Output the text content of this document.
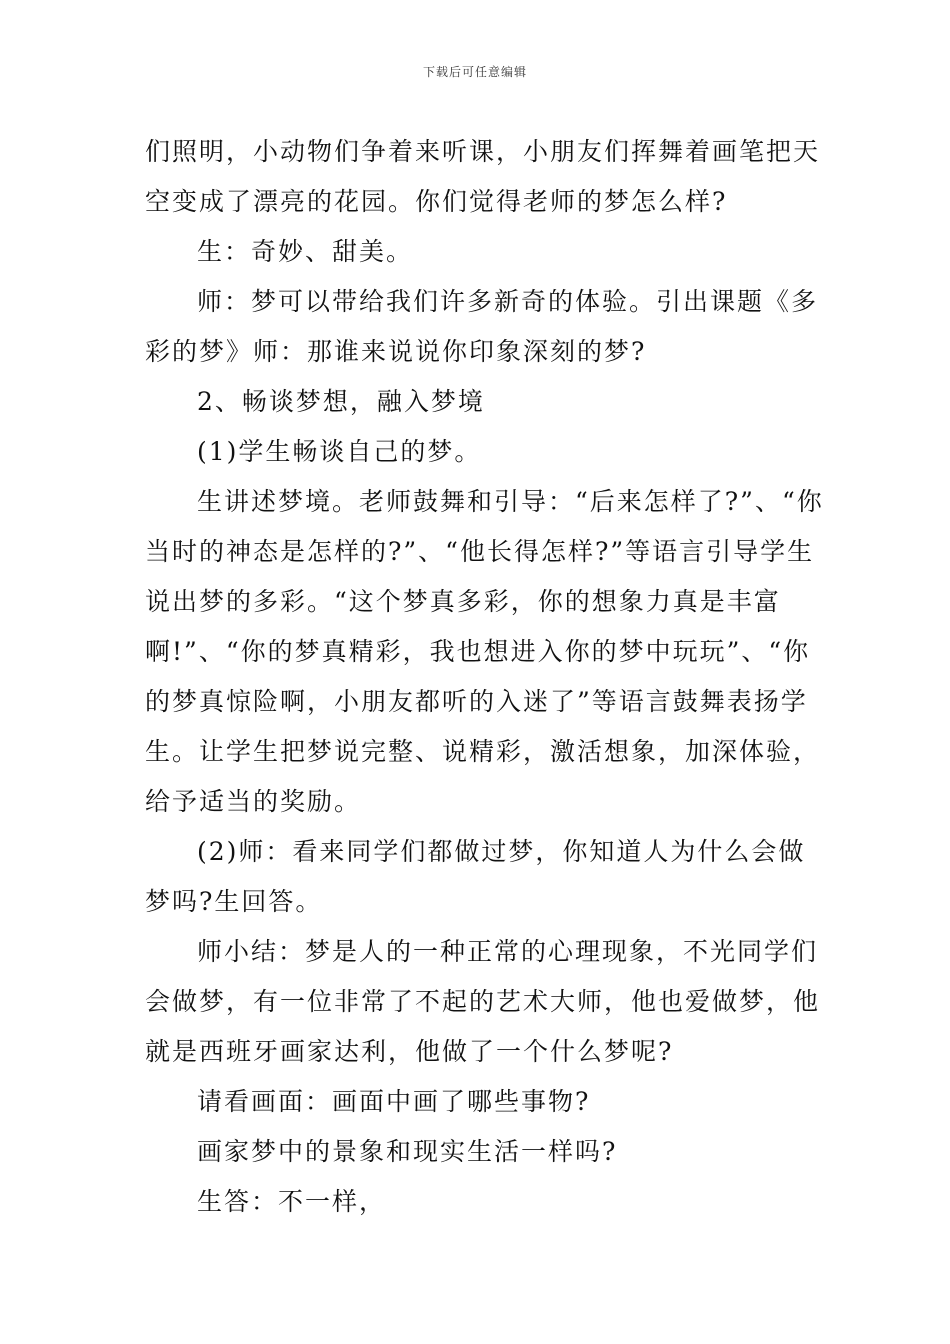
下载后可任意编辑

们照明，小动物们争着来听课，小朋友们挥舞着画笔把天空变成了漂亮的花园。你们觉得老师的梦怎么样?

生：奇妙、甜美。

师：梦可以带给我们许多新奇的体验。引出课题《多彩的梦》师：那谁来说说你印象深刻的梦?

2、畅谈梦想，融入梦境

(1)学生畅谈自己的梦。

生讲述梦境。老师鼓舞和引导：“后来怎样了?”、“你当时的神态是怎样的?”、“他长得怎样?”等语言引导学生说出梦的多彩。“这个梦真多彩，你的想象力真是丰富啊!”、“你的梦真精彩，我也想进入你的梦中玩玩”、“你的梦真惊险啊，小朋友都听的入迷了”等语言鼓舞表扬学生。让学生把梦说完整、说精彩，激活想象，加深体验，给予适当的奖励。

(2)师：看来同学们都做过梦，你知道人为什么会做梦吗?生回答。

师小结：梦是人的一种正常的心理现象，不光同学们会做梦，有一位非常了不起的艺术大师，他也爱做梦，他就是西班牙画家达利，他做了一个什么梦呢?

请看画面：画面中画了哪些事物?

画家梦中的景象和现实生活一样吗?

生答：不一样，
